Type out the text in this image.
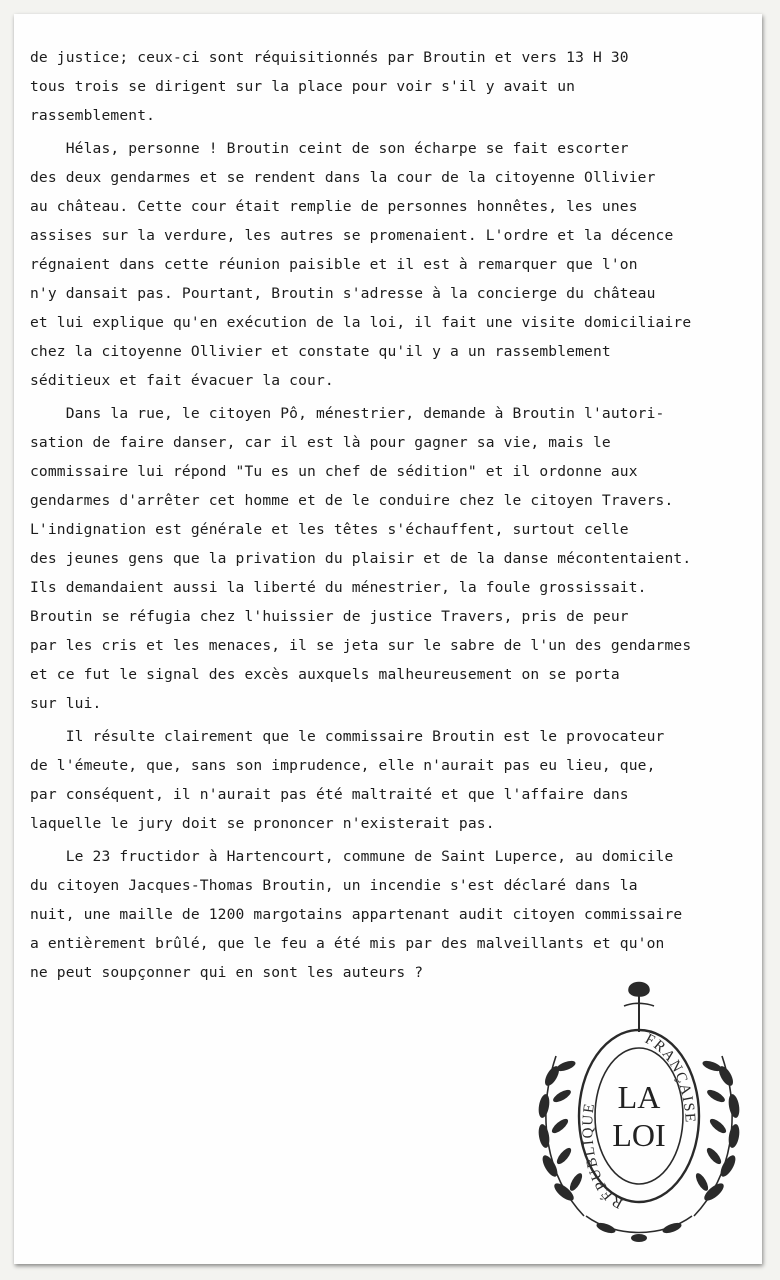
de justice; ceux-ci sont réquisitionnés par Broutin et vers 13 H 30

tous trois se dirigent sur la place pour voir s'il y avait un

rassemblement.

Hélas, personne ! Broutin ceint de son écharpe se fait escorter

des deux gendarmes et se rendent dans la cour de la citoyenne Ollivier

au château. Cette cour était remplie de personnes honnêtes, les unes

assises sur la verdure, les autres se promenaient. L'ordre et la décence

régnaient dans cette réunion paisible et il est à remarquer que l'on

n'y dansait pas. Pourtant, Broutin s'adresse à la concierge du château

et lui explique qu'en exécution de la loi, il fait une visite domiciliaire

chez la citoyenne Ollivier et constate qu'il y a un rassemblement

séditieux et fait évacuer la cour.

Dans la rue, le citoyen Pô, ménestrier, demande à Broutin l'autori-

sation de faire danser, car il est là pour gagner sa vie, mais le

commissaire lui répond "Tu es un chef de sédition" et il ordonne aux

gendarmes d'arrêter cet homme et de le conduire chez le citoyen Travers.

L'indignation est générale et les têtes s'échauffent, surtout celle

des jeunes gens que la privation du plaisir et de la danse mécontentaient.

Ils demandaient aussi la liberté du ménestrier, la foule grossissait.

Broutin se réfugia chez l'huissier de justice Travers, pris de peur

par les cris et les menaces, il se jeta sur le sabre de l'un des gendarmes

et ce fut le signal des excès auxquels malheureusement on se porta

sur lui.

Il résulte clairement que le commissaire Broutin est le provocateur

de l'émeute, que, sans son imprudence, elle n'aurait pas eu lieu, que,

par conséquent, il n'aurait pas été maltraité et que l'affaire dans

laquelle le jury doit se prononcer n'existerait pas.

Le 23 fructidor à Hartencourt, commune de Saint Luperce, au domicile

du citoyen Jacques-Thomas Broutin, un incendie s'est déclaré dans la

nuit, une maille de 1200 margotains appartenant audit citoyen commissaire

a entièrement brûlé, que le feu a été mis par des malveillants et qu'on

ne peut soupçonner qui en sont les auteurs ?

RÉPUBLIQUE
FRANÇAISE
LA
LOI
